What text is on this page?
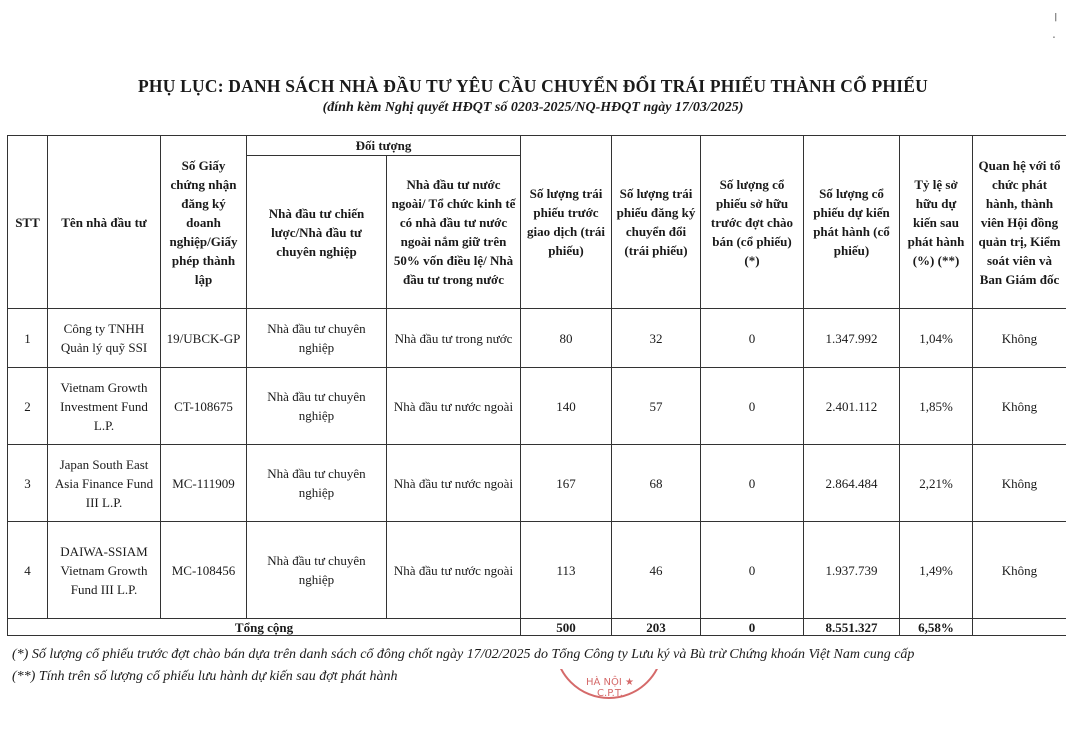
╵
·
PHỤ LỤC: DANH SÁCH NHÀ ĐẦU TƯ YÊU CẦU CHUYỂN ĐỔI TRÁI PHIẾU THÀNH CỔ PHIẾU
(đính kèm Nghị quyết HĐQT số 0203-2025/NQ-HĐQT ngày 17/03/2025)
STT	Tên nhà đầu tư	Số Giấy chứng nhận đăng ký doanh nghiệp/Giấy phép thành lập	Đối tượng		Số lượng trái phiếu trước giao dịch (trái phiếu)	Số lượng trái phiếu đăng ký chuyển đổi (trái phiếu)	Số lượng cổ phiếu sở hữu trước đợt chào bán (cổ phiếu) (*)	Số lượng cổ phiếu dự kiến phát hành (cổ phiếu)	Tỷ lệ sở hữu dự kiến sau phát hành (%) (**)	Quan hệ với tổ chức phát hành, thành viên Hội đồng quản trị, Kiểm soát viên và Ban Giám đốc
			Nhà đầu tư chiến lược/Nhà đầu tư chuyên nghiệp	Nhà đầu tư nước ngoài/ Tổ chức kinh tế có nhà đầu tư nước ngoài nắm giữ trên 50% vốn điều lệ/ Nhà đầu tư trong nước						
1	Công ty TNHH Quản lý quỹ SSI	19/UBCK-GP	Nhà đầu tư chuyên nghiệp	Nhà đầu tư trong nước	80	32	0	1.347.992	1,04%	Không
2	Vietnam Growth Investment Fund L.P.	CT-108675	Nhà đầu tư chuyên nghiệp	Nhà đầu tư nước ngoài	140	57	0	2.401.112	1,85%	Không
3	Japan South East Asia Finance Fund III L.P.	MC-111909	Nhà đầu tư chuyên nghiệp	Nhà đầu tư nước ngoài	167	68	0	2.864.484	2,21%	Không
4	DAIWA-SSIAM Vietnam Growth Fund III L.P.	MC-108456	Nhà đầu tư chuyên nghiệp	Nhà đầu tư nước ngoài	113	46	0	1.937.739	1,49%	Không
Tổng cộng					500	203	0	8.551.327	6,58%	
(*) Số lượng cổ phiếu trước đợt chào bán dựa trên danh sách cổ đông chốt ngày 17/02/2025 do Tổng Công ty Lưu ký và Bù trừ Chứng khoán Việt Nam cung cấp
(**) Tính trên số lượng cổ phiếu lưu hành dự kiến sau đợt phát hành	HÀ NỘI ★ C.P.T.
